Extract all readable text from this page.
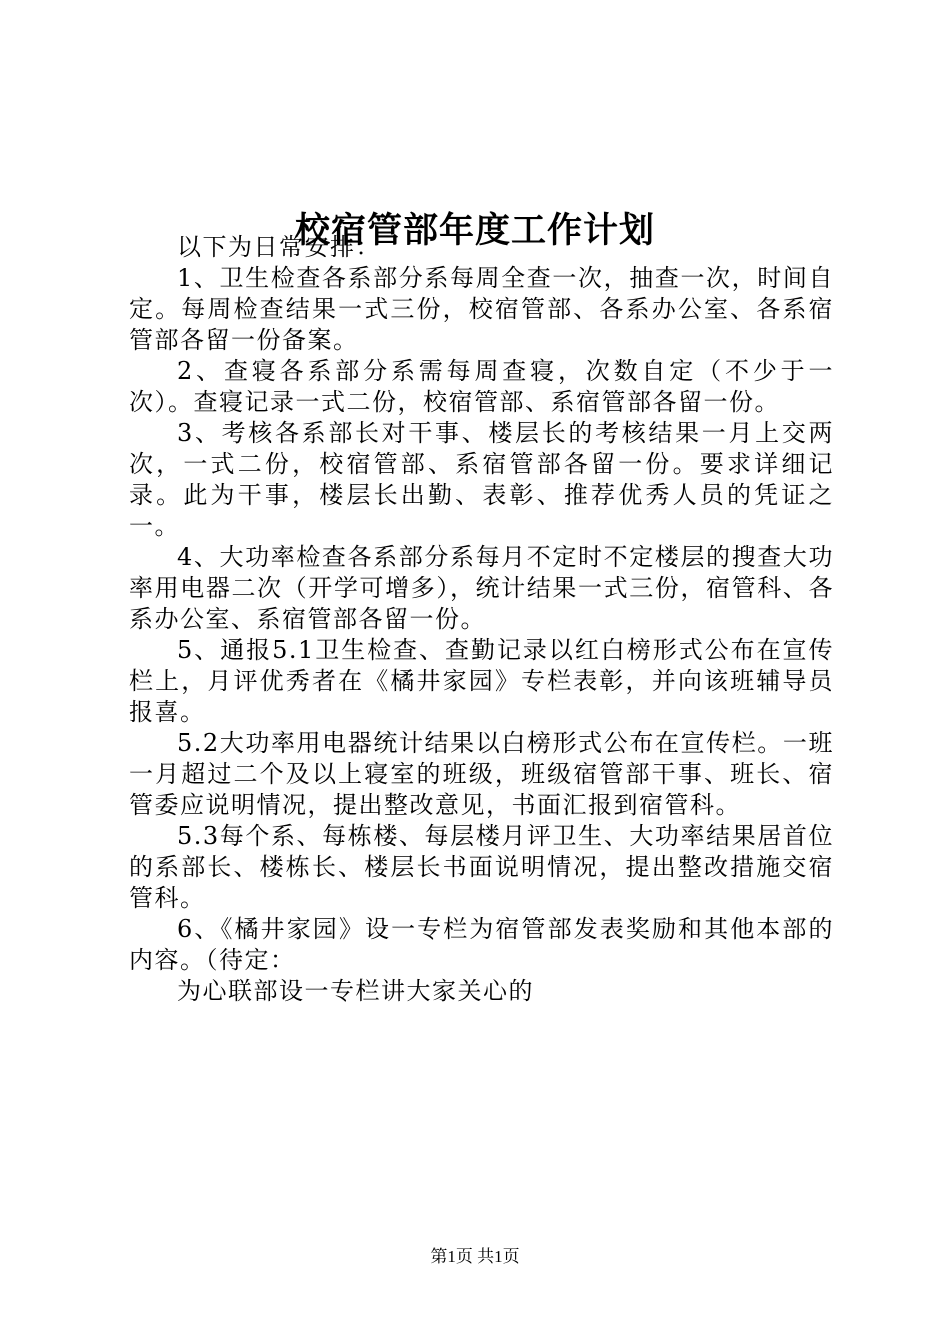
校宿管部年度工作计划

以下为日常安排：

1、卫生检查各系部分系每周全查一次，抽查一次，时间自定。每周检查结果一式三份，校宿管部、各系办公室、各系宿管部各留一份备案。

2、查寝各系部分系需每周查寝，次数自定（不少于一次）。查寝记录一式二份，校宿管部、系宿管部各留一份。

3、考核各系部长对干事、楼层长的考核结果一月上交两次，一式二份，校宿管部、系宿管部各留一份。要求详细记录。此为干事，楼层长出勤、表彰、推荐优秀人员的凭证之一。

4、大功率检查各系部分系每月不定时不定楼层的搜查大功率用电器二次（开学可增多），统计结果一式三份，宿管科、各系办公室、系宿管部各留一份。

5、通报5.1卫生检查、查勤记录以红白榜形式公布在宣传栏上，月评优秀者在《橘井家园》专栏表彰，并向该班辅导员报喜。

5.2大功率用电器统计结果以白榜形式公布在宣传栏。一班一月超过二个及以上寝室的班级，班级宿管部干事、班长、宿管委应说明情况，提出整改意见，书面汇报到宿管科。

5.3每个系、每栋楼、每层楼月评卫生、大功率结果居首位的系部长、楼栋长、楼层长书面说明情况，提出整改措施交宿管科。

6、《橘井家园》设一专栏为宿管部发表奖励和其他本部的内容。（待定：

为心联部设一专栏讲大家关心的

第1页 共1页
